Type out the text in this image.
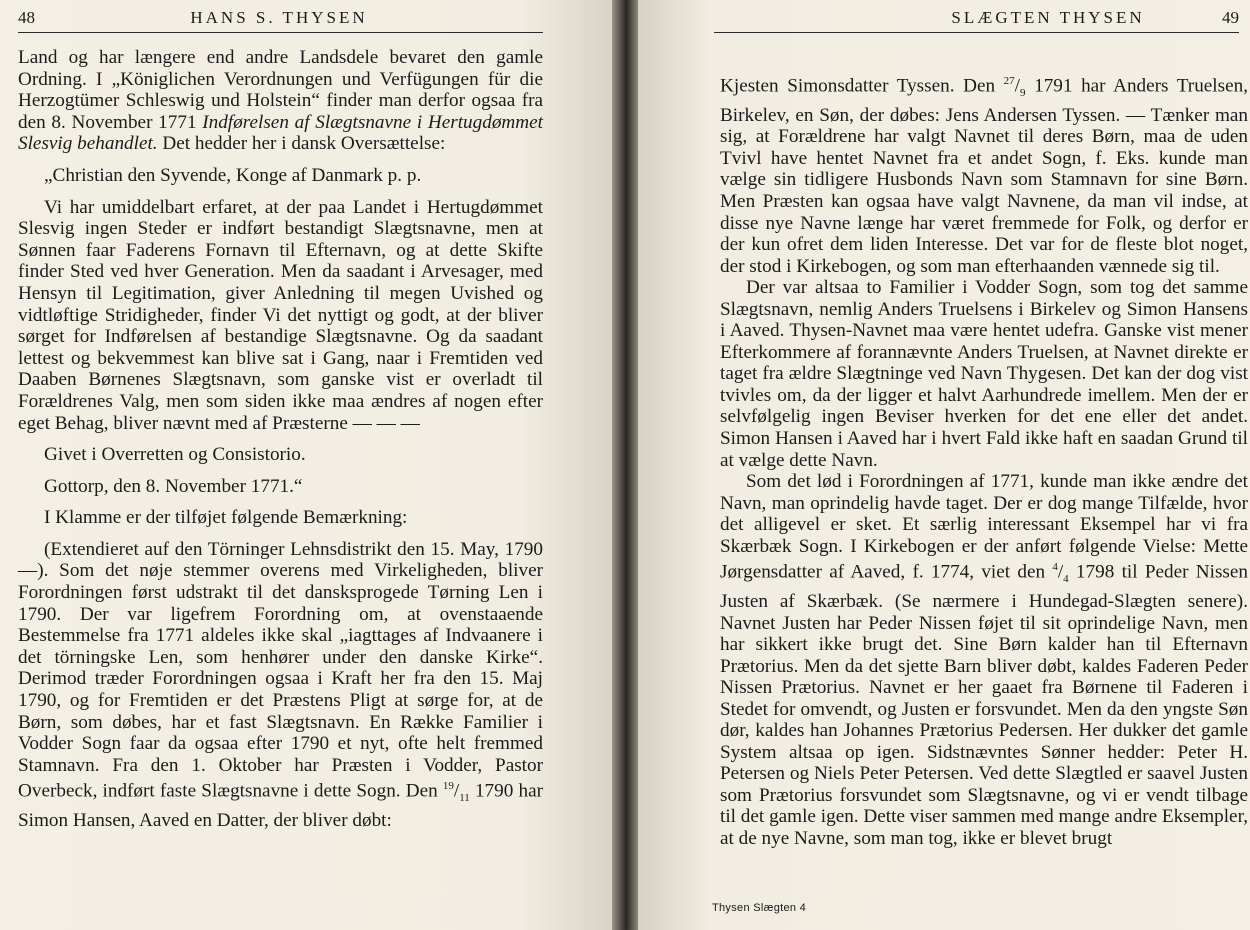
48	HANS S. THYSEN

Land og har længere end andre Landsdele bevaret den gamle Ordning. I „Königlichen Verordnungen und Verfügungen für die Herzogtümer Schleswig und Holstein“ finder man derfor ogsaa fra den 8. November 1771 Indførelsen af Slægtsnavne i Hertugdømmet Slesvig behandlet. Det hedder her i dansk Oversættelse:

„Christian den Syvende, Konge af Danmark p. p.

Vi har umiddelbart erfaret, at der paa Landet i Hertugdømmet Slesvig ingen Steder er indført bestandigt Slægtsnavne, men at Sønnen faar Faderens Fornavn til Efternavn, og at dette Skifte finder Sted ved hver Generation. Men da saadant i Arvesager, med Hensyn til Legitimation, giver Anledning til megen Uvished og vidtløftige Stridigheder, finder Vi det nyttigt og godt, at der bliver sørget for Indførelsen af bestandige Slægtsnavne. Og da saadant lettest og bekvemmest kan blive sat i Gang, naar i Fremtiden ved Daaben Børnenes Slægtsnavn, som ganske vist er overladt til Forældrenes Valg, men som siden ikke maa ændres af nogen efter eget Behag, bliver nævnt med af Præsterne — — —

Givet i Overretten og Consistorio.

Gottorp, den 8. November 1771.“

I Klamme er der tilføjet følgende Bemærkning:

(Extendieret auf den Törninger Lehnsdistrikt den 15. May, 1790 —). Som det nøje stemmer overens med Virkeligheden, bliver Forordningen først udstrakt til det dansksprogede Tørning Len i 1790. Der var ligefrem Forordning om, at ovenstaaende Bestemmelse fra 1771 aldeles ikke skal „iagttages af Indvaanere i det törningske Len, som henhører under den danske Kirke“. Derimod træder Forordningen ogsaa i Kraft her fra den 15. Maj 1790, og for Fremtiden er det Præstens Pligt at sørge for, at de Børn, som døbes, har et fast Slægtsnavn. En Række Familier i Vodder Sogn faar da ogsaa efter 1790 et nyt, ofte helt fremmed Stamnavn. Fra den 1. Oktober har Præsten i Vodder, Pastor Overbeck, indført faste Slægtsnavne i dette Sogn. Den $^{19}/_{11}$ 1790 har Simon Hansen, Aaved en Datter, der bliver døbt:

SLÆGTEN THYSEN	49

Kjesten Simonsdatter Tyssen. Den $^{27}/_9$ 1791 har Anders Truelsen, Birkelev, en Søn, der døbes: Jens Andersen Tyssen. — Tænker man sig, at Forældrene har valgt Navnet til deres Børn, maa de uden Tvivl have hentet Navnet fra et andet Sogn, f. Eks. kunde man vælge sin tidligere Husbonds Navn som Stamnavn for sine Børn. Men Præsten kan ogsaa have valgt Navnene, da man vil indse, at disse nye Navne længe har været fremmede for Folk, og derfor er der kun ofret dem liden Interesse. Det var for de fleste blot noget, der stod i Kirkebogen, og som man efterhaanden vænnede sig til.

Der var altsaa to Familier i Vodder Sogn, som tog det samme Slægtsnavn, nemlig Anders Truelsens i Birkelev og Simon Hansens i Aaved. Thysen-Navnet maa være hentet udefra. Ganske vist mener Efterkommere af forannævnte Anders Truelsen, at Navnet direkte er taget fra ældre Slægtninge ved Navn Thygesen. Det kan der dog vist tvivles om, da der ligger et halvt Aarhundrede imellem. Men der er selvfølgelig ingen Beviser hverken for det ene eller det andet. Simon Hansen i Aaved har i hvert Fald ikke haft en saadan Grund til at vælge dette Navn.

Som det lød i Forordningen af 1771, kunde man ikke ændre det Navn, man oprindelig havde taget. Der er dog mange Tilfælde, hvor det alligevel er sket. Et særlig interessant Eksempel har vi fra Skærbæk Sogn. I Kirkebogen er der anført følgende Vielse: Mette Jørgensdatter af Aaved, f. 1774, viet den $^4/_4$ 1798 til Peder Nissen Justen af Skærbæk. (Se nærmere i Hundegad-Slægten senere). Navnet Justen har Peder Nissen føjet til sit oprindelige Navn, men har sikkert ikke brugt det. Sine Børn kalder han til Efternavn Prætorius. Men da det sjette Barn bliver døbt, kaldes Faderen Peder Nissen Prætorius. Navnet er her gaaet fra Børnene til Faderen i Stedet for omvendt, og Justen er forsvundet. Men da den yngste Søn dør, kaldes han Johannes Prætorius Pedersen. Her dukker det gamle System altsaa op igen. Sidstnævntes Sønner hedder: Peter H. Petersen og Niels Peter Petersen. Ved dette Slægtled er saavel Justen som Prætorius forsvundet som Slægtsnavne, og vi er vendt tilbage til det gamle igen. Dette viser sammen med mange andre Eksempler, at de nye Navne, som man tog, ikke er blevet brugt

Thysen Slægten 4
